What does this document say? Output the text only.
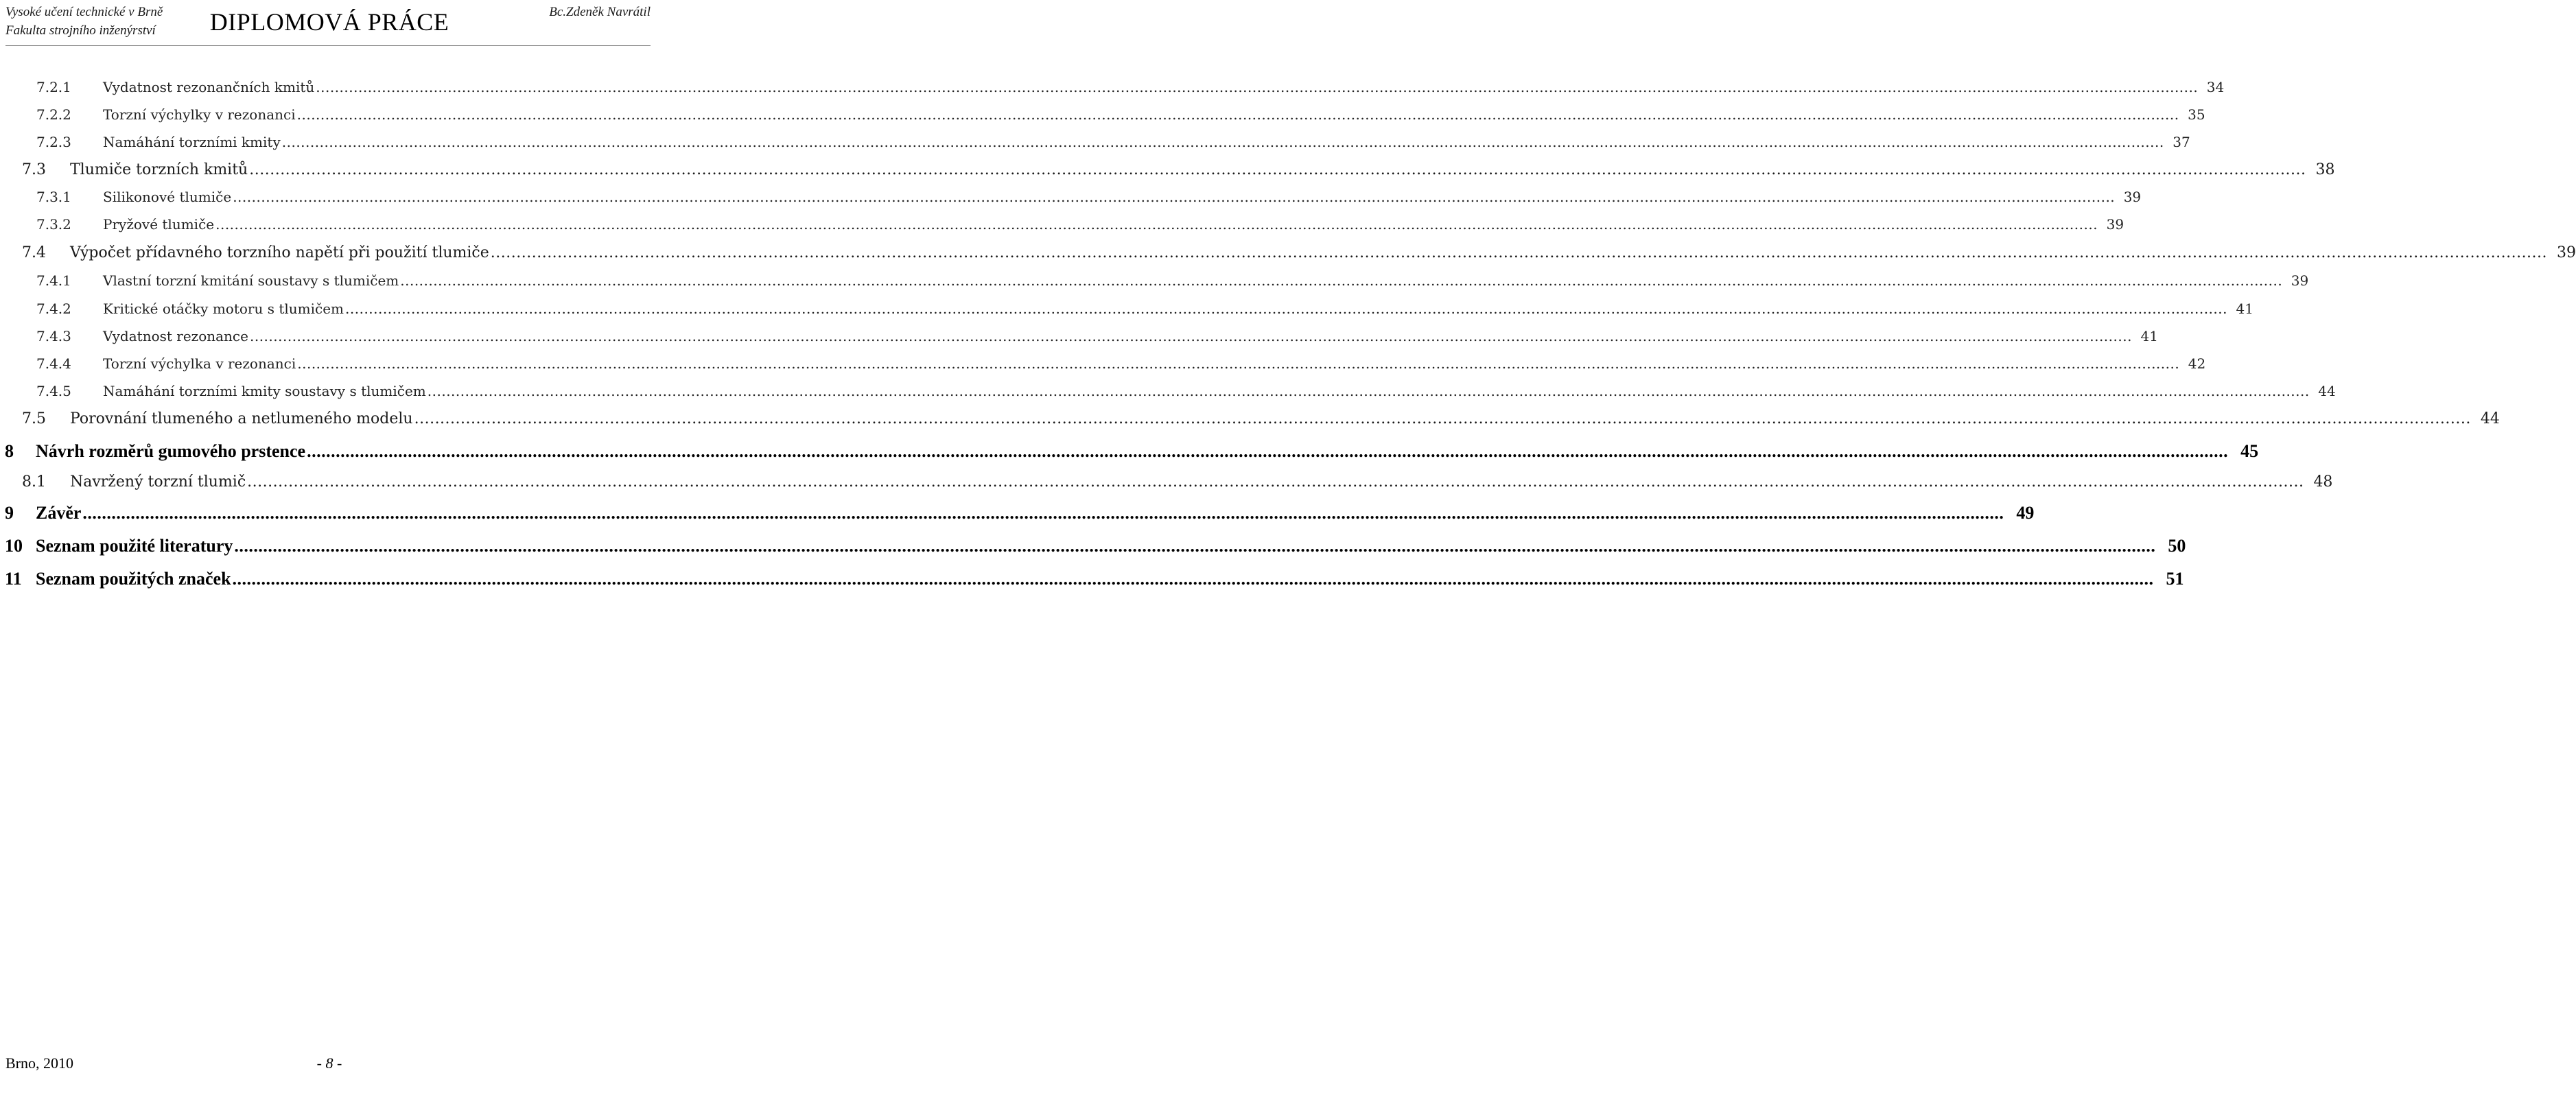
Vysoké učení technické v Brně
Fakulta strojního inženýrství	DIPLOMOVÁ PRÁCE	Bc.Zdeněk Navrátil
7.2.1	Vydatnost rezonančních kmitů ................................................................................................................................................................................................................................................................................................................................................................................................................ 34
7.2.2	Torzní výchylky v rezonanci ................................................................................................................................................................................................................................................................................................................................................................................................................ 35
7.2.3	Namáhání torzními kmity ................................................................................................................................................................................................................................................................................................................................................................................................................ 37
7.3	Tlumiče torzních kmitů ................................................................................................................................................................................................................................................................................................................................................................................................................ 38
7.3.1	Silikonové tlumiče ................................................................................................................................................................................................................................................................................................................................................................................................................ 39
7.3.2	Pryžové tlumiče ................................................................................................................................................................................................................................................................................................................................................................................................................ 39
7.4	Výpočet přídavného torzního napětí při použití tlumiče ................................................................................................................................................................................................................................................................................................................................................................................................................ 39
7.4.1	Vlastní torzní kmitání soustavy s tlumičem ................................................................................................................................................................................................................................................................................................................................................................................................................ 39
7.4.2	Kritické otáčky motoru s tlumičem ................................................................................................................................................................................................................................................................................................................................................................................................................ 41
7.4.3	Vydatnost rezonance ................................................................................................................................................................................................................................................................................................................................................................................................................ 41
7.4.4	Torzní výchylka v rezonanci ................................................................................................................................................................................................................................................................................................................................................................................................................ 42
7.4.5	Namáhání torzními kmity soustavy s tlumičem ................................................................................................................................................................................................................................................................................................................................................................................................................ 44
7.5	Porovnání tlumeného a netlumeného modelu ................................................................................................................................................................................................................................................................................................................................................................................................................ 44
8	Návrh rozměrů gumového prstence ................................................................................................................................................................................................................................................................................................................................................................................................................ 45
8.1	Navržený torzní tlumič ................................................................................................................................................................................................................................................................................................................................................................................................................ 48
9	Závěr ................................................................................................................................................................................................................................................................................................................................................................................................................ 49
10 Seznam použité literatury ................................................................................................................................................................................................................................................................................................................................................................................................................ 50
11 Seznam použitých značek ................................................................................................................................................................................................................................................................................................................................................................................................................ 51
Brno, 2010	- 8 -
